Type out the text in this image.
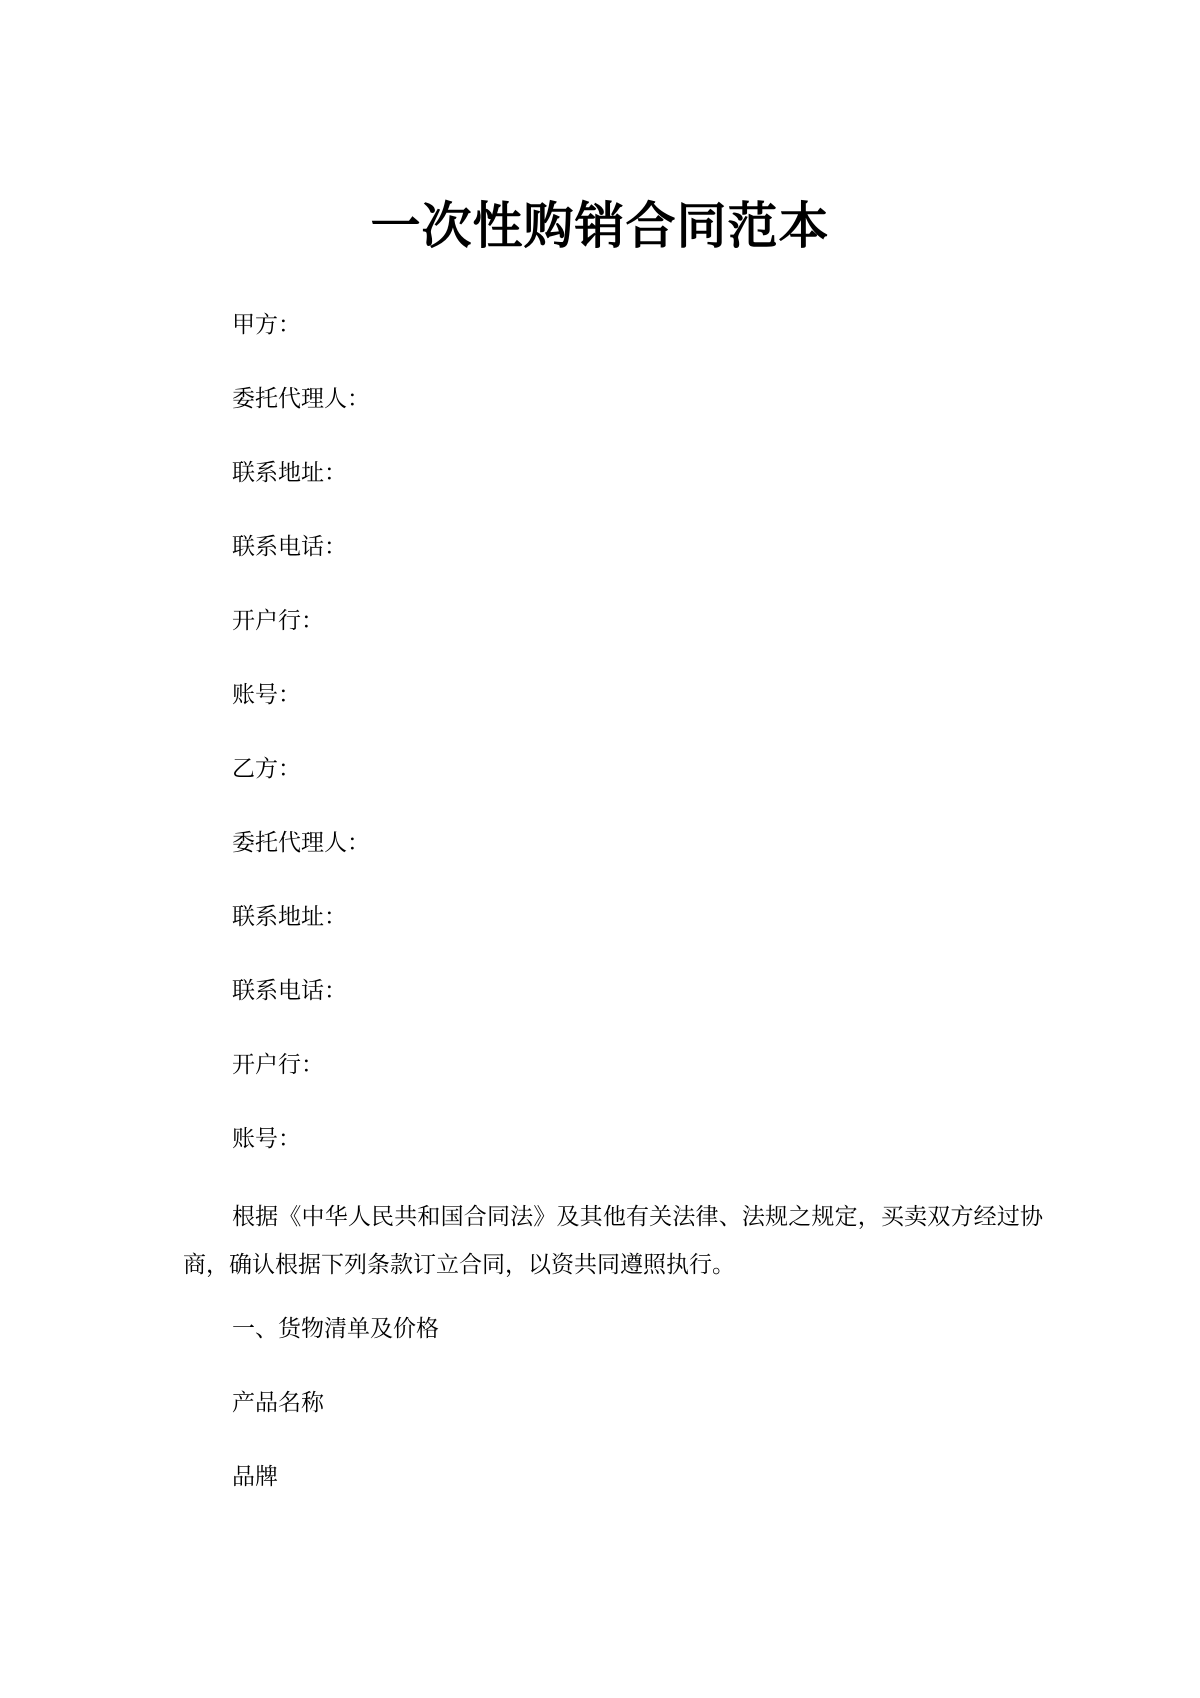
一次性购销合同范本
甲方：
委托代理人：
联系地址：
联系电话：
开户行：
账号：
乙方：
委托代理人：
联系地址：
联系电话：
开户行：
账号：
根据《中华人民共和国合同法》及其他有关法律、法规之规定，买卖双方经过协商，确认根据下列条款订立合同，以资共同遵照执行。
一、货物清单及价格
产品名称
品牌
